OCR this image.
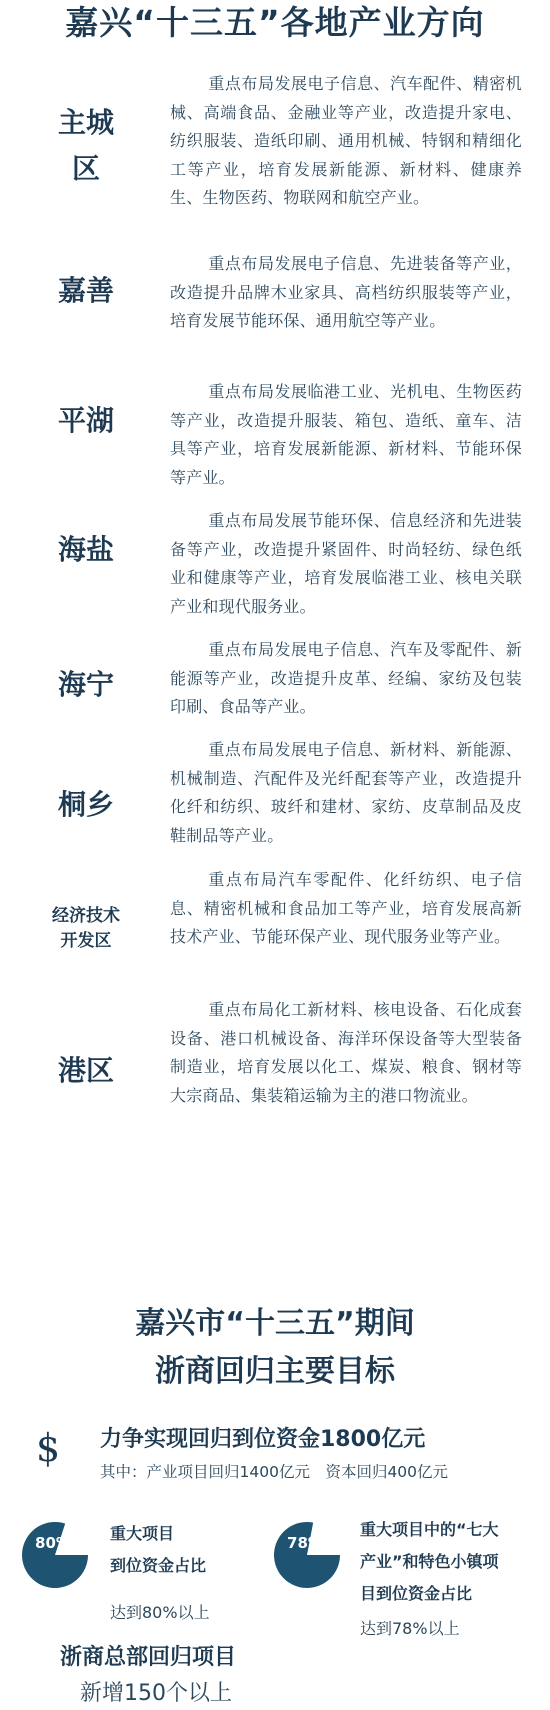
嘉兴“十三五”各地产业方向
主城区
重点布局发展电子信息、汽车配件、精密机械、高端食品、金融业等产业，改造提升家电、纺织服装、造纸印刷、通用机械、特钢和精细化工等产业，培育发展新能源、新材料、健康养生、生物医药、物联网和航空产业。
嘉善
重点布局发展电子信息、先进装备等产业，改造提升品牌木业家具、高档纺织服装等产业，培育发展节能环保、通用航空等产业。
平湖
重点布局发展临港工业、光机电、生物医药等产业，改造提升服装、箱包、造纸、童车、洁具等产业，培育发展新能源、新材料、节能环保等产业。
海盐
重点布局发展节能环保、信息经济和先进装备等产业，改造提升紧固件、时尚轻纺、绿色纸业和健康等产业，培育发展临港工业、核电关联产业和现代服务业。
海宁
重点布局发展电子信息、汽车及零配件、新能源等产业，改造提升皮革、经编、家纺及包装印刷、食品等产业。
桐乡
重点布局发展电子信息、新材料、新能源、机械制造、汽配件及光纤配套等产业，改造提升化纤和纺织、玻纤和建材、家纺、皮草制品及皮鞋制品等产业。
经济技术开发区
重点布局汽车零配件、化纤纺织、电子信息、精密机械和食品加工等产业，培育发展高新技术产业、节能环保产业、现代服务业等产业。
港区
重点布局化工新材料、核电设备、石化成套设备、港口机械设备、海洋环保设备等大型装备制造业，培育发展以化工、煤炭、粮食、钢材等大宗商品、集装箱运输为主的港口物流业。
嘉兴市“十三五”期间
浙商回归主要目标
$ 力争实现回归到位资金1800亿元
其中：产业项目回归1400亿元　资本回归400亿元
80% 重大项目
到位资金占比
达到80%以上
78%
重大项目中的“七大
产业”和特色小镇项
目到位资金占比
达到78%以上
浙商总部回归项目
新增150个以上
